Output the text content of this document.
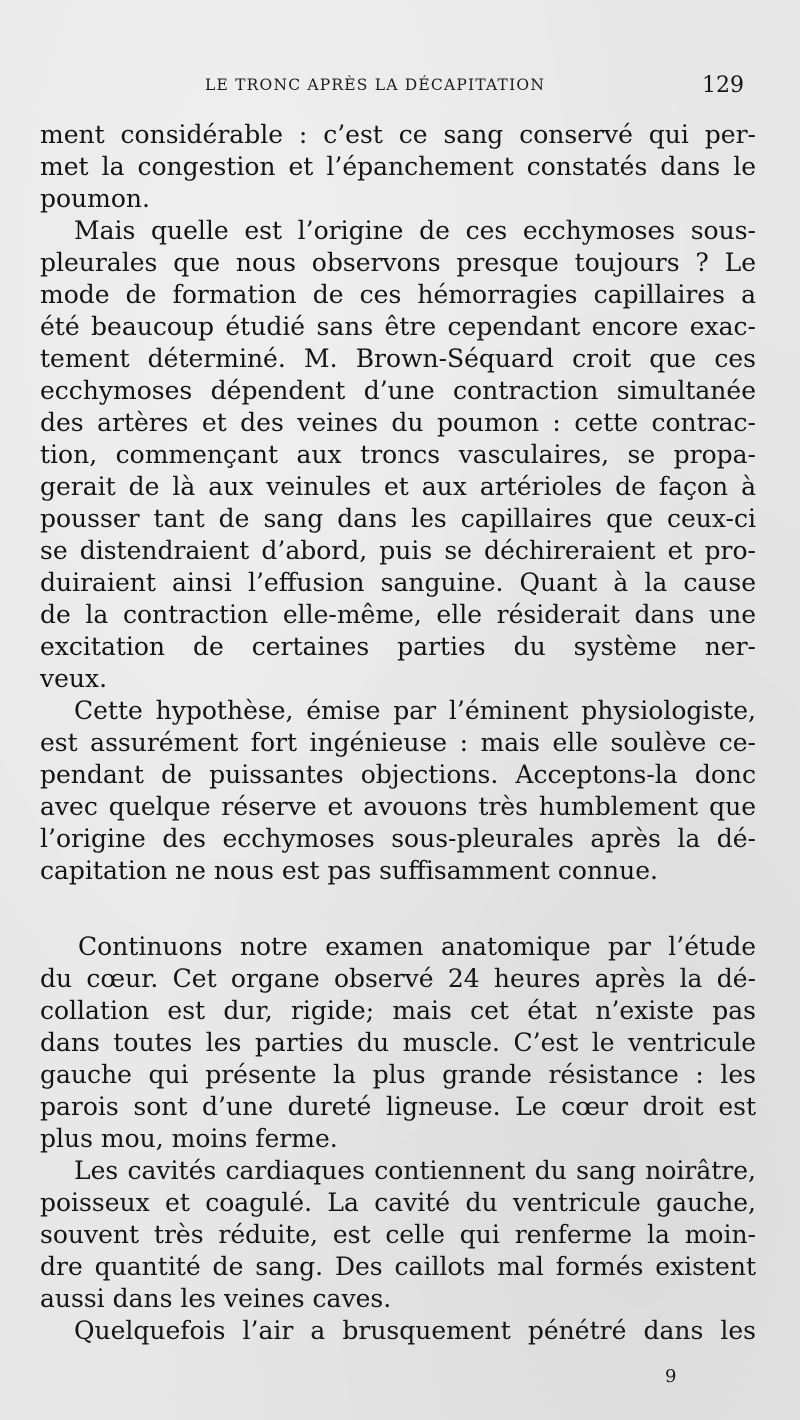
LE TRONC APRÈS LA DÉCAPITATION	129
ment considérable : c’est ce sang conservé qui per-
met la congestion et l’épanchement constatés dans le
poumon.
Mais quelle est l’origine de ces ecchymoses sous-
pleurales que nous observons presque toujours ? Le
mode de formation de ces hémorragies capillaires a
été beaucoup étudié sans être cependant encore exac-
tement déterminé. M. Brown-Séquard croit que ces
ecchymoses dépendent d’une contraction simultanée
des artères et des veines du poumon : cette contrac-
tion, commençant aux troncs vasculaires, se propa-
gerait de là aux veinules et aux artérioles de façon à
pousser tant de sang dans les capillaires que ceux-ci
se distendraient d’abord, puis se déchireraient et pro-
duiraient ainsi l’effusion sanguine. Quant à la cause
de la contraction elle-même, elle résiderait dans une
excitation de certaines parties du système ner-
veux.
Cette hypothèse, émise par l’éminent physiologiste,
est assurément fort ingénieuse : mais elle soulève ce-
pendant de puissantes objections. Acceptons-la donc
avec quelque réserve et avouons très humblement que
l’origine des ecchymoses sous-pleurales après la dé-
capitation ne nous est pas suffisamment connue.
Continuons notre examen anatomique par l’étude
du cœur. Cet organe observé 24 heures après la dé-
collation est dur, rigide; mais cet état n’existe pas
dans toutes les parties du muscle. C’est le ventricule
gauche qui présente la plus grande résistance : les
parois sont d’une dureté ligneuse. Le cœur droit est
plus mou, moins ferme.
Les cavités cardiaques contiennent du sang noirâtre,
poisseux et coagulé. La cavité du ventricule gauche,
souvent très réduite, est celle qui renferme la moin-
dre quantité de sang. Des caillots mal formés existent
aussi dans les veines caves.
Quelquefois l’air a brusquement pénétré dans les
9
